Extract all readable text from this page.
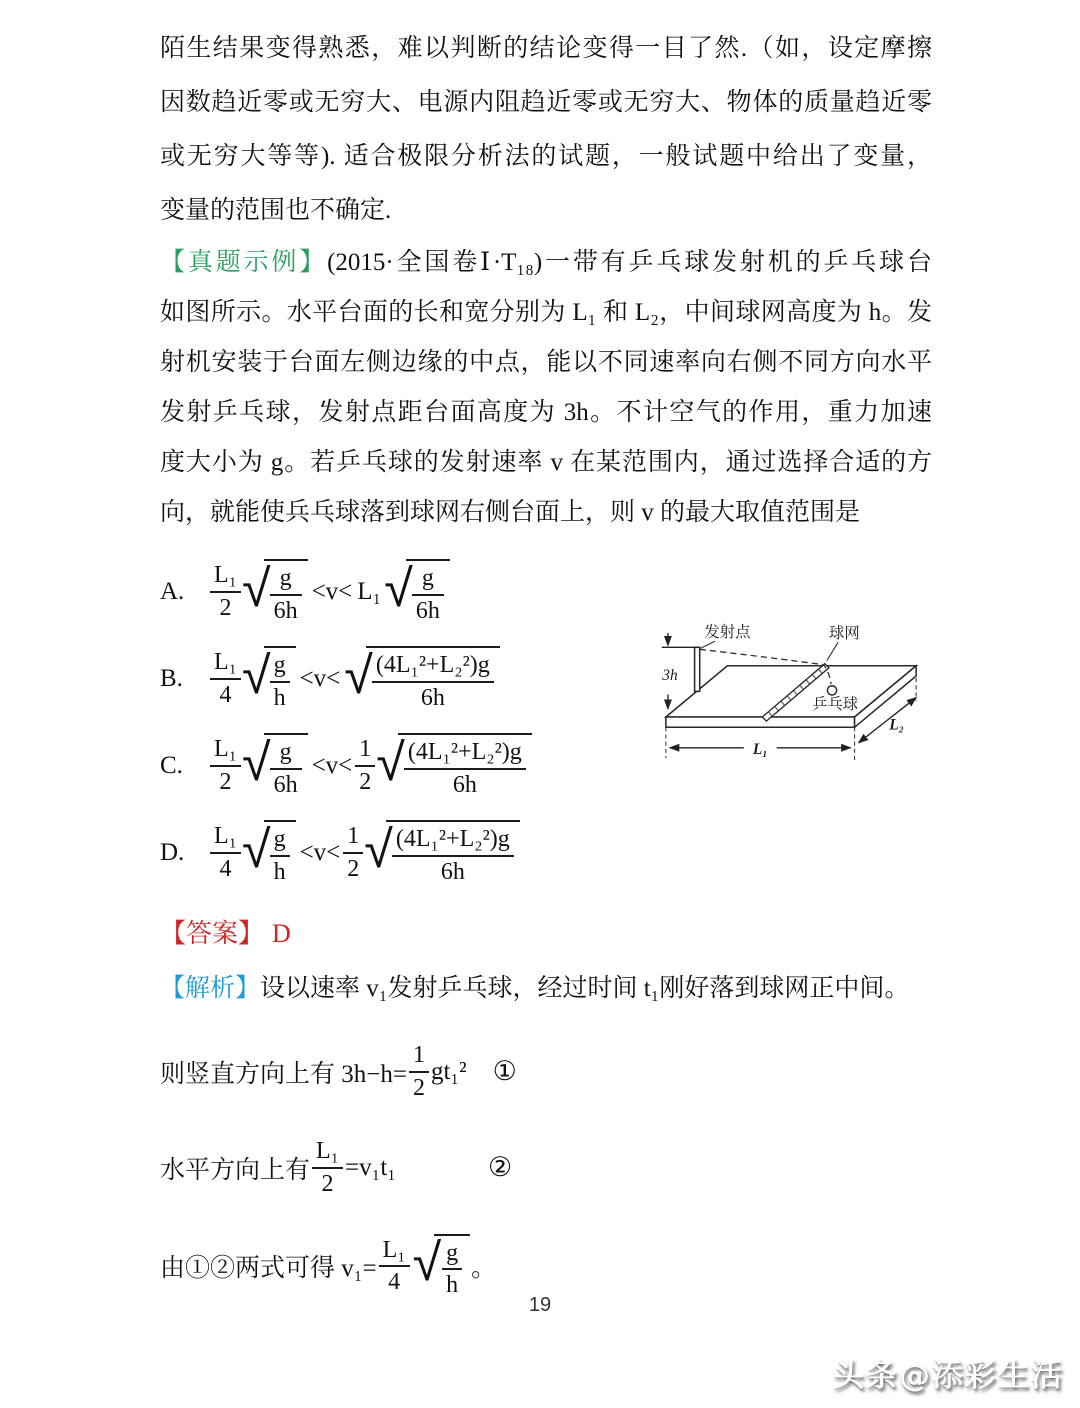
陌生结果变得熟悉，难以判断的结论变得一目了然.（如，设定摩擦
因数趋近零或无穷大、电源内阻趋近零或无穷大、物体的质量趋近零
或无穷大等等). 适合极限分析法的试题，一般试题中给出了变量，
变量的范围也不确定.
【真题示例】(2015·全国卷Ⅰ·T₁₈)一带有乒乓球发射机的乒乓球台
如图所示。水平台面的长和宽分别为 L₁ 和 L₂，中间球网高度为 h。发
射机安装于台面左侧边缘的中点，能以不同速率向右侧不同方向水平
发射乒乓球，发射点距台面高度为 3h。不计空气的作用，重力加速
度大小为 g。若乒乓球的发射速率 v 在某范围内，通过选择合适的方
向，就能使兵乓球落到球网右侧台面上，则 v 的最大取值范围是
A.	$\frac{\text{L₁}}{2}$ √ $\frac{g}{6h} <v< L_1$ √ $\frac{g}{6h}$
B.	$\frac{\text{L₁}}{4}$ √ $\frac{g}{h} <v<$ √ $\frac{\text{(4L₁²+L₂²)g}}{6h}$
C.	$\frac{\text{L₁}}{2}$ √ $\frac{g}{6h} <v< \frac{1}{2}$ √ $\frac{\text{(4L₁²+L₂²)g}}{6h}$
D.	$\frac{\text{L₁}}{4}$ √ $\frac{g}{h} <v< \frac{1}{2}$ √ $\frac{\text{(4L₁²+L₂²)g}}{6h}$
3h
发射点	球网
乒乓球
L₁
L₂
【答案】 D
【解析】设以速率 v₁发射乒乓球，经过时间 t₁刚好落到球网正中间。
则竖直方向上有 $3h-h= \frac{1}{2} gt_1^2$ ①
水平方向上有 $\frac{\text{L₁}}{2} =v_1t_1$	②
由①②两式可得 $v_1= \frac{\text{L₁}}{4}$ √ $\frac{g}{h}$ 。
19
头条@添彩生活
